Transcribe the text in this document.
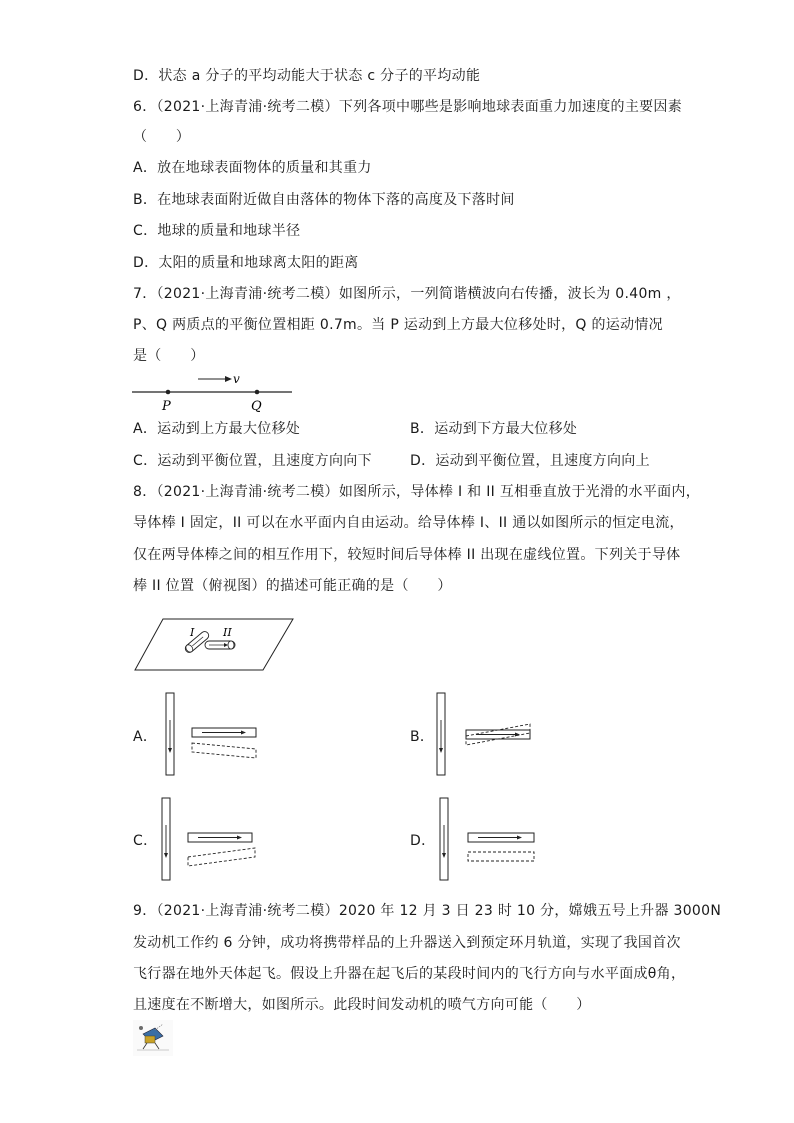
D．状态 a 分子的平均动能大于状态 c 分子的平均动能
6．（2021·上海青浦·统考二模）下列各项中哪些是影响地球表面重力加速度的主要因素
（　　）
A．放在地球表面物体的质量和其重力
B．在地球表面附近做自由落体的物体下落的高度及下落时间
C．地球的质量和地球半径
D．太阳的质量和地球离太阳的距离
7．（2021·上海青浦·统考二模）如图所示，一列简谐横波向右传播，波长为 0.40m ，
P、Q 两质点的平衡位置相距 0.7m。当 P 运动到上方最大位移处时，Q 的运动情况
是（　　）
v
P	Q
A．运动到上方最大位移处	B．运动到下方最大位移处
C．运动到平衡位置，且速度方向向下	D．运动到平衡位置，且速度方向向上
8．（2021·上海青浦·统考二模）如图所示，导体棒 I 和 II 互相垂直放于光滑的水平面内，
导体棒 I 固定，II 可以在水平面内自由运动。给导体棒 I、II 通以如图所示的恒定电流，
仅在两导体棒之间的相互作用下，较短时间后导体棒 II 出现在虚线位置。下列关于导体
棒 II 位置（俯视图）的描述可能正确的是（　　）
I	II
A．	B．
C．	D．
9．（2021·上海青浦·统考二模）2020 年 12 月 3 日 23 时 10 分，嫦娥五号上升器 3000N
发动机工作约 6 分钟，成功将携带样品的上升器送入到预定环月轨道，实现了我国首次
飞行器在地外天体起飞。假设上升器在起飞后的某段时间内的飞行方向与水平面成θ角，
且速度在不断增大，如图所示。此段时间发动机的喷气方向可能（　　）
